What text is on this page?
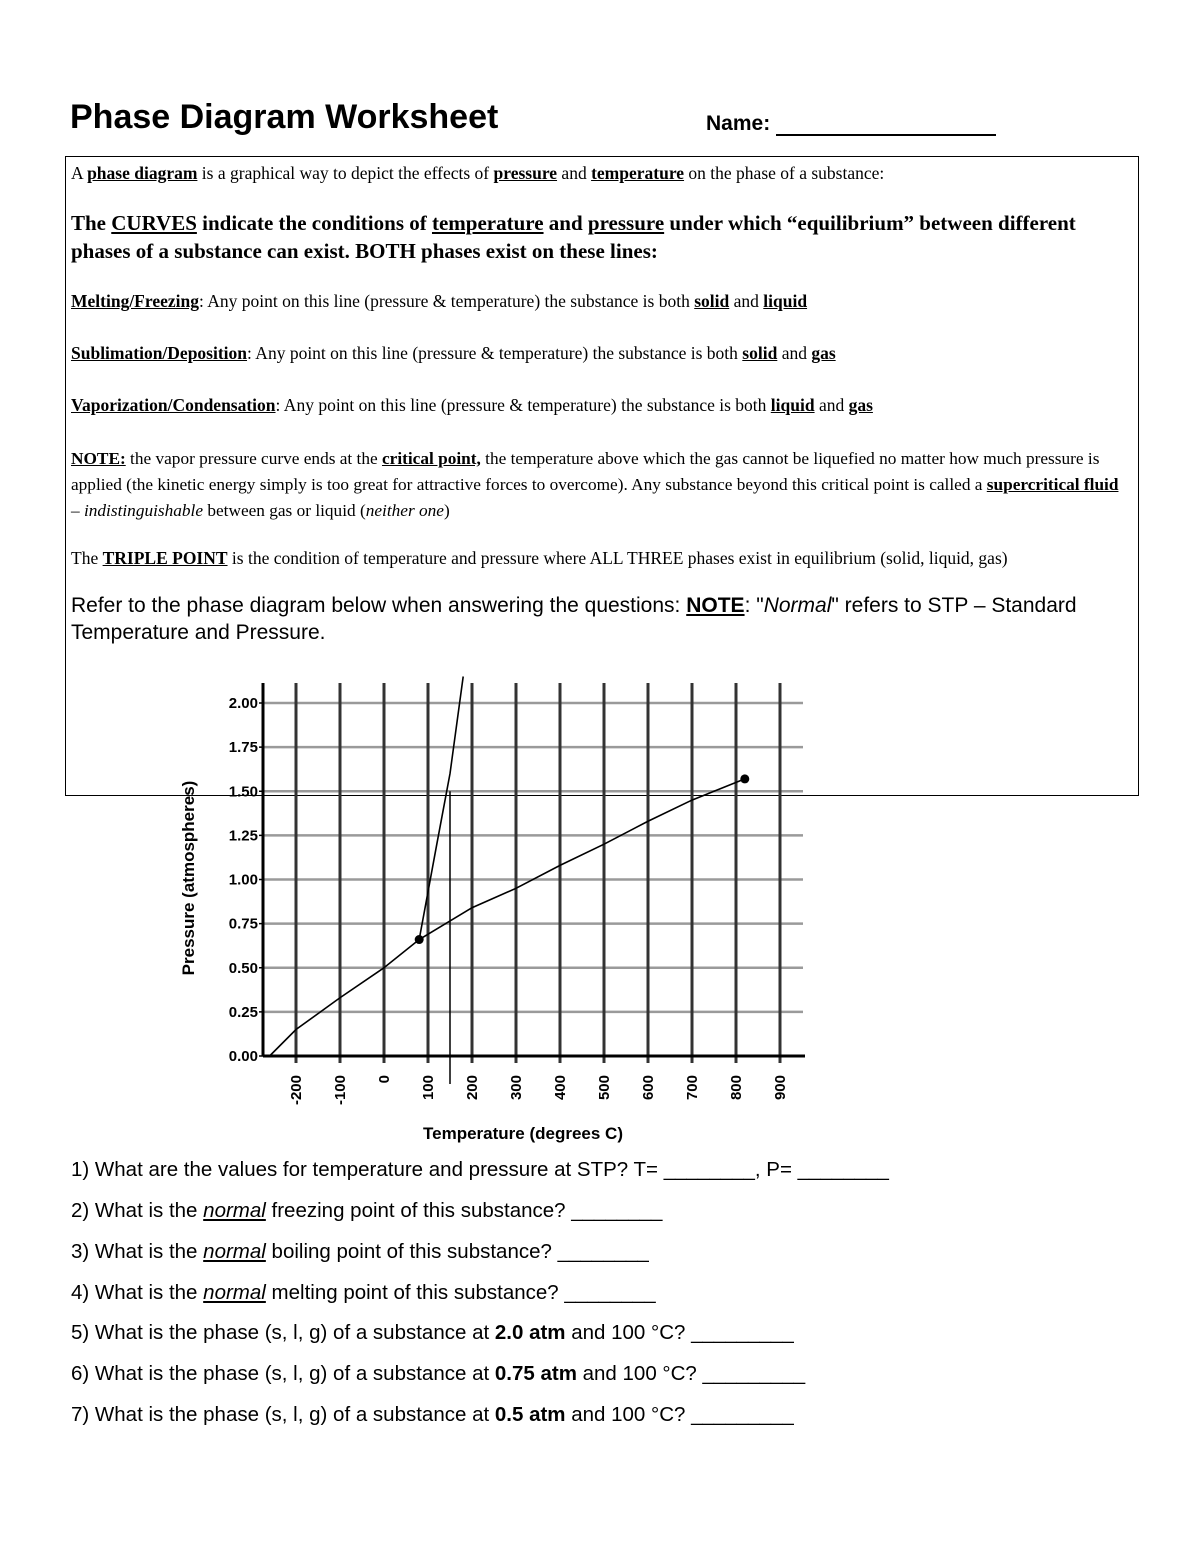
Phase Diagram Worksheet	Name:
A phase diagram is a graphical way to depict the effects of pressure and temperature on the phase of a substance:
The CURVES indicate the conditions of temperature and pressure under which “equilibrium” between different phases of a substance can exist. BOTH phases exist on these lines:
Melting/Freezing: Any point on this line (pressure & temperature) the substance is both solid and liquid
Sublimation/Deposition: Any point on this line (pressure & temperature) the substance is both solid and gas
Vaporization/Condensation: Any point on this line (pressure & temperature) the substance is both liquid and gas
NOTE: the vapor pressure curve ends at the critical point, the temperature above which the gas cannot be liquefied no matter how much pressure is applied (the kinetic energy simply is too great for attractive forces to overcome). Any substance beyond this critical point is called a supercritical fluid – indistinguishable between gas or liquid (neither one)
The TRIPLE POINT is the condition of temperature and pressure where ALL THREE phases exist in equilibrium (solid, liquid, gas)
Refer to the phase diagram below when answering the questions: NOTE: "Normal" refers to STP – Standard Temperature and Pressure.
0.00
0.25
0.50
0.75
1.00
1.25
1.50
1.75
2.00
-200 -100 0 100 200 300 400 500 600 700 800 900
Temperature (degrees C)
Pressure (atmospheres)
1) What are the values for temperature and pressure at STP? T= ________, P= ________
2) What is the normal freezing point of this substance? ________
3) What is the normal boiling point of this substance? ________
4) What is the normal melting point of this substance? ________
5) What is the phase (s, l, g) of a substance at 2.0 atm and 100 °C? _________
6) What is the phase (s, l, g) of a substance at 0.75 atm and 100 °C? _________
7) What is the phase (s, l, g) of a substance at 0.5 atm and 100 °C? _________
